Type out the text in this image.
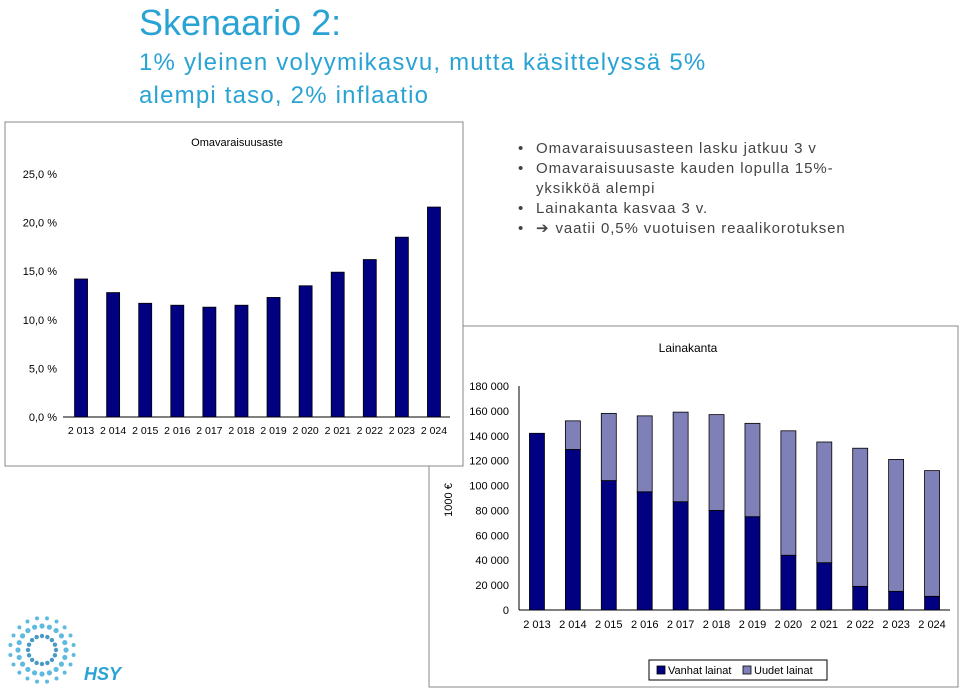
Skenaario 2:
1% yleinen volyymikasvu, mutta käsittelyssä 5%
alempi taso, 2% inflaatio
• Omavaraisuusasteen lasku jatkuu 3 v
• Omavaraisuusaste kauden lopulla 15%-
yksikköä alempi
• Lainakanta kasvaa 3 v.
• ➔ vaatii 0,5% vuotuisen reaalikorotuksen
Lainakanta
0
20 000
40 000
60 000
80 000
100 000
120 000
140 000
160 000
180 000
1000 €
2 013 2 014 2 015 2 016 2 017 2 018 2 019 2 020 2 021 2 022 2 023 2 024
Vanhat lainat Uudet lainat
Omavaraisuusaste
0,0 %
5,0 %
10,0 %
15,0 %
20,0 %
25,0 %
2 013 2 014 2 015 2 016 2 017 2 018 2 019 2 020 2 021 2 022 2 023 2 024
HSY
